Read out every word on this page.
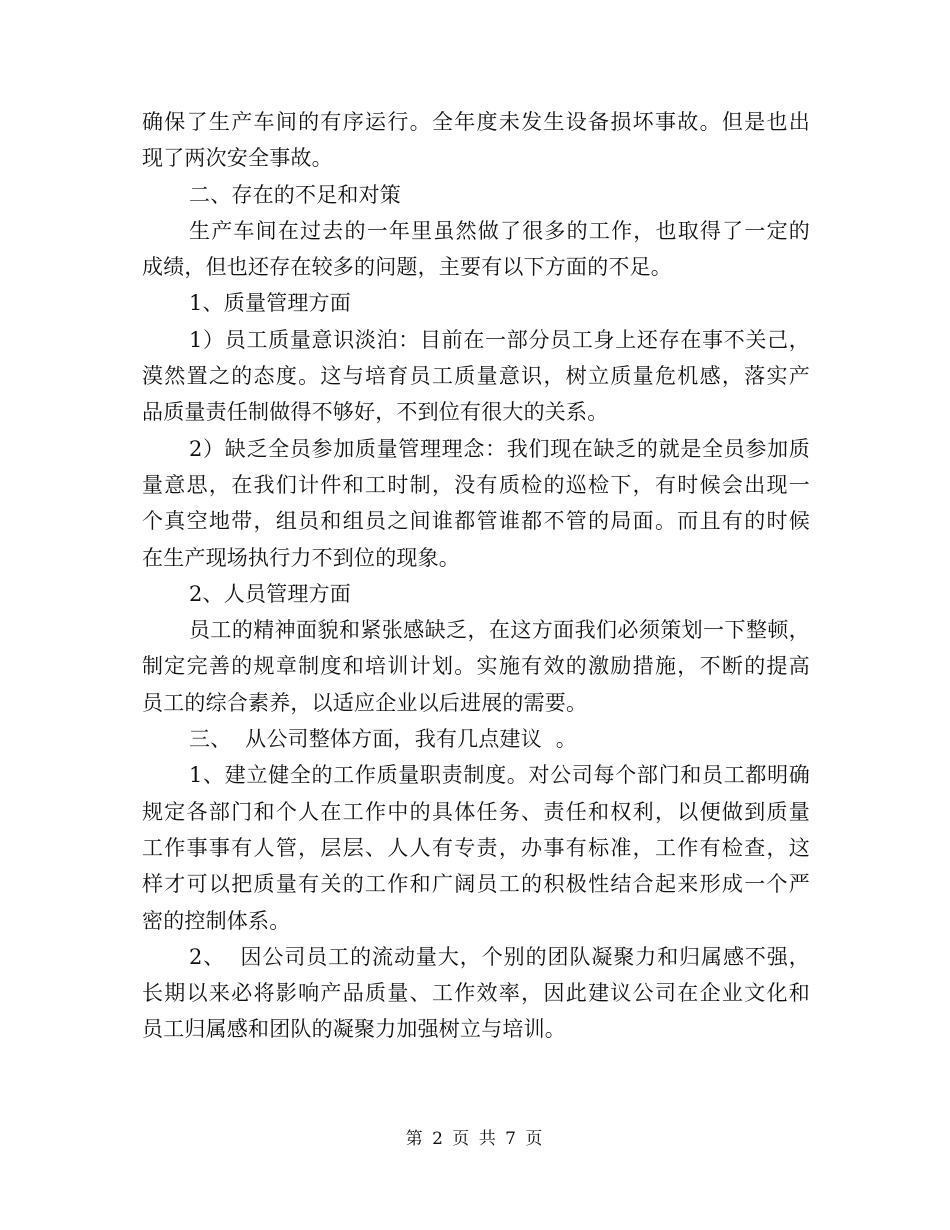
确保了生产车间的有序运行。全年度未发生设备损坏事故。但是也出
现了两次安全事故。
二、存在的不足和对策
生产车间在过去的一年里虽然做了很多的工作，也取得了一定的
成绩，但也还存在较多的问题，主要有以下方面的不足。
1、质量管理方面
1）员工质量意识淡泊：目前在一部分员工身上还存在事不关己，
漠然置之的态度。这与培育员工质量意识，树立质量危机感，落实产
品质量责任制做得不够好，不到位有很大的关系。
2）缺乏全员参加质量管理理念：我们现在缺乏的就是全员参加质
量意思，在我们计件和工时制，没有质检的巡检下，有时候会出现一
个真空地带，组员和组员之间谁都管谁都不管的局面。而且有的时候
在生产现场执行力不到位的现象。
2、人员管理方面
员工的精神面貌和紧张感缺乏，在这方面我们必须策划一下整顿，
制定完善的规章制度和培训计划。实施有效的激励措施，不断的提高
员工的综合素养，以适应企业以后进展的需要。
三、  从公司整体方面，我有几点建议  。
1、建立健全的工作质量职责制度。对公司每个部门和员工都明确
规定各部门和个人在工作中的具体任务、责任和权利，以便做到质量
工作事事有人管，层层、人人有专责，办事有标准，工作有检查，这
样才可以把质量有关的工作和广阔员工的积极性结合起来形成一个严
密的控制体系。
2、  因公司员工的流动量大，个别的团队凝聚力和归属感不强，
长期以来必将影响产品质量、工作效率，因此建议公司在企业文化和
员工归属感和团队的凝聚力加强树立与培训。
第 2 页 共 7 页
